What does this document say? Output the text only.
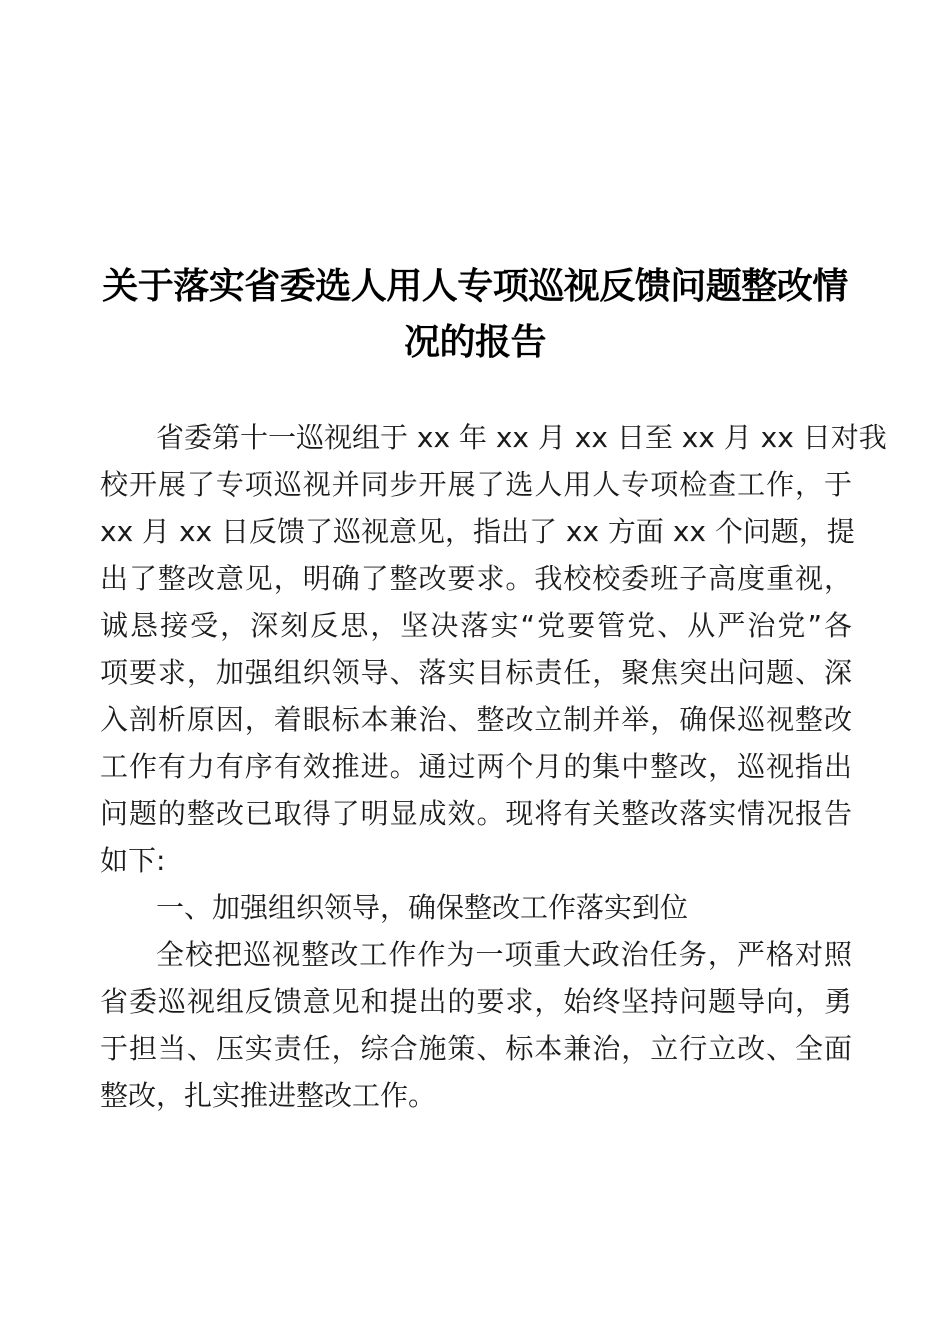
关于落实省委选人用人专项巡视反馈问题整改情
况的报告
省委第十一巡视组于 xx 年 xx 月 xx 日至 xx 月 xx 日对我
校开展了专项巡视并同步开展了选人用人专项检查工作，于
xx 月 xx 日反馈了巡视意见，指出了 xx 方面 xx 个问题，提
出了整改意见，明确了整改要求。我校校委班子高度重视，
诚恳接受，深刻反思，坚决落实“党要管党、从严治党”各
项要求，加强组织领导、落实目标责任，聚焦突出问题、深
入剖析原因，着眼标本兼治、整改立制并举，确保巡视整改
工作有力有序有效推进。通过两个月的集中整改，巡视指出
问题的整改已取得了明显成效。现将有关整改落实情况报告
如下:
一、加强组织领导，确保整改工作落实到位
全校把巡视整改工作作为一项重大政治任务，严格对照
省委巡视组反馈意见和提出的要求，始终坚持问题导向，勇
于担当、压实责任，综合施策、标本兼治，立行立改、全面
整改，扎实推进整改工作。
